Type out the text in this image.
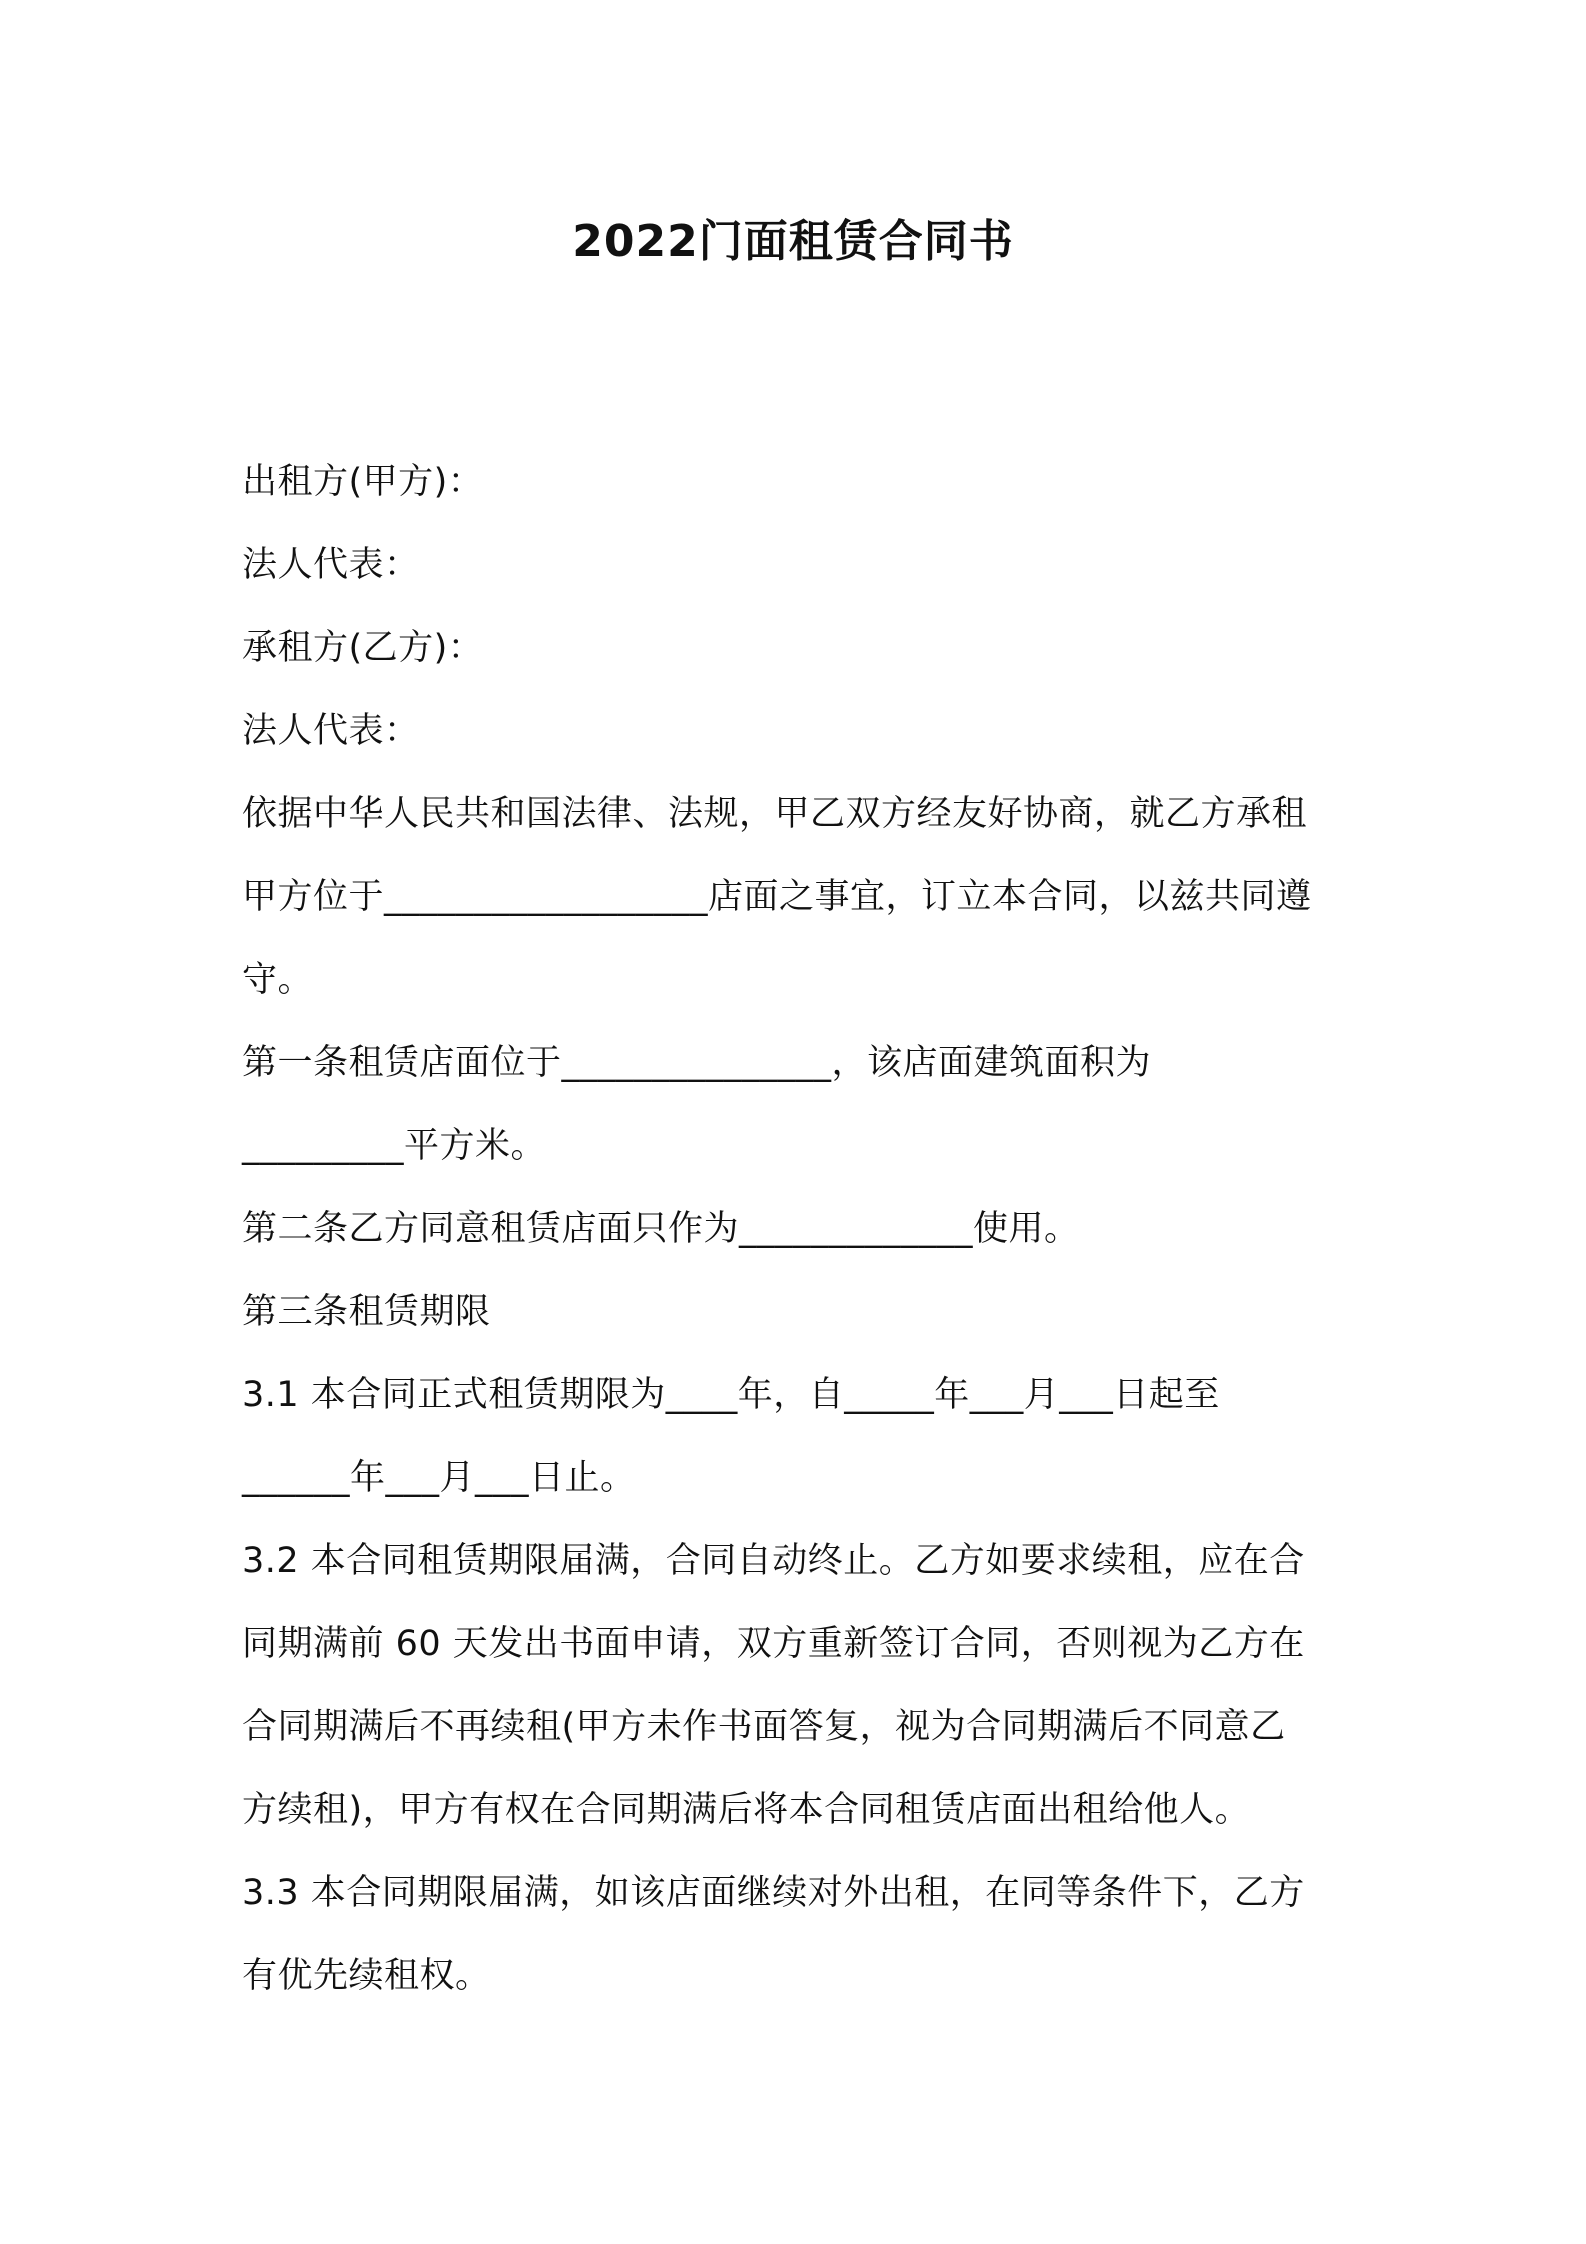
2022门面租赁合同书
出租方(甲方)：
法人代表：
承租方(乙方)：
法人代表：
依据中华人民共和国法律、法规，甲乙双方经友好协商，就乙方承租
甲方位于__________________店面之事宜，订立本合同，以兹共同遵
守。
第一条租赁店面位于_______________，该店面建筑面积为
_________平方米。
第二条乙方同意租赁店面只作为_____________使用。
第三条租赁期限
3.1 本合同正式租赁期限为____年，自_____年___月___日起至
______年___月___日止。
3.2 本合同租赁期限届满，合同自动终止。乙方如要求续租，应在合
同期满前 60 天发出书面申请，双方重新签订合同，否则视为乙方在
合同期满后不再续租(甲方未作书面答复，视为合同期满后不同意乙
方续租)，甲方有权在合同期满后将本合同租赁店面出租给他人。
3.3 本合同期限届满，如该店面继续对外出租，在同等条件下，乙方
有优先续租权。
